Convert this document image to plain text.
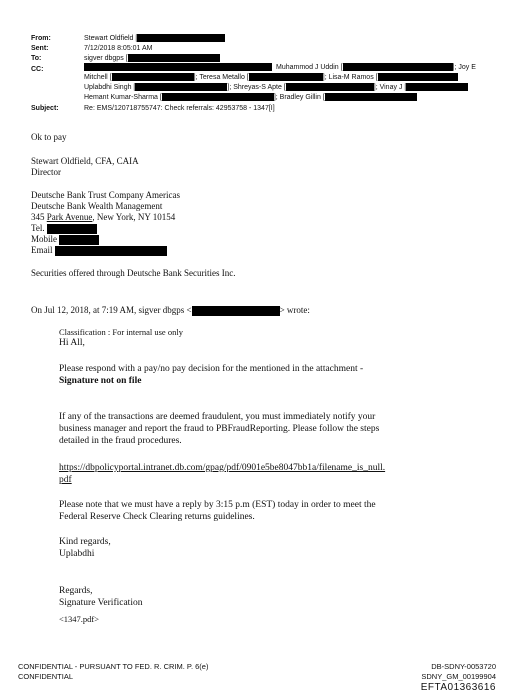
From:	Stewart Oldfield [
Sent:	7/12/2018 8:05:01 AM
To:	sigver dbgps [
CC:	Muhammod J Uddin [	]; Joy E
Mitchell [	]; Teresa Metallo [	]; Lisa-M Ramos [
Uplabdhi Singh [	]; Shreyas-S Apte [	]; Vinay J [
Hemant Kumar-Sharma [	]; Bradley Gillin [
Subject:	Re: EMS/120718755747: Check referrals: 42953758 - 1347[I]
Ok to pay
Stewart Oldfield, CFA, CAIA
Director
Deutsche Bank Trust Company Americas
Deutsche Bank Wealth Management
345 Park Avenue, New York, NY 10154
Tel.
Mobile
Email
Securities offered through Deutsche Bank Securities Inc.
On Jul 12, 2018, at 7:19 AM, sigver dbgps <	> wrote:
Classification : For internal use only
Hi All,
Please respond with a pay/no pay decision for the mentioned in the attachment -
Signature not on file
If any of the transactions are deemed fraudulent, you must immediately notify your
business manager and report the fraud to PBFraudReporting. Please follow the steps
detailed in the fraud procedures.
https://dbpolicyportal.intranet.db.com/gpag/pdf/0901e5be8047bb1a/filename_is_null.
pdf
Please note that we must have a reply by 3:15 p.m (EST) today in order to meet the
Federal Reserve Check Clearing returns guidelines.
Kind regards,
Uplabdhi
Regards,
Signature Verification
<1347.pdf>
CONFIDENTIAL - PURSUANT TO FED. R. CRIM. P. 6(e)
CONFIDENTIAL
DB-SDNY-0053720
SDNY_GM_00199904
EFTA01363616
